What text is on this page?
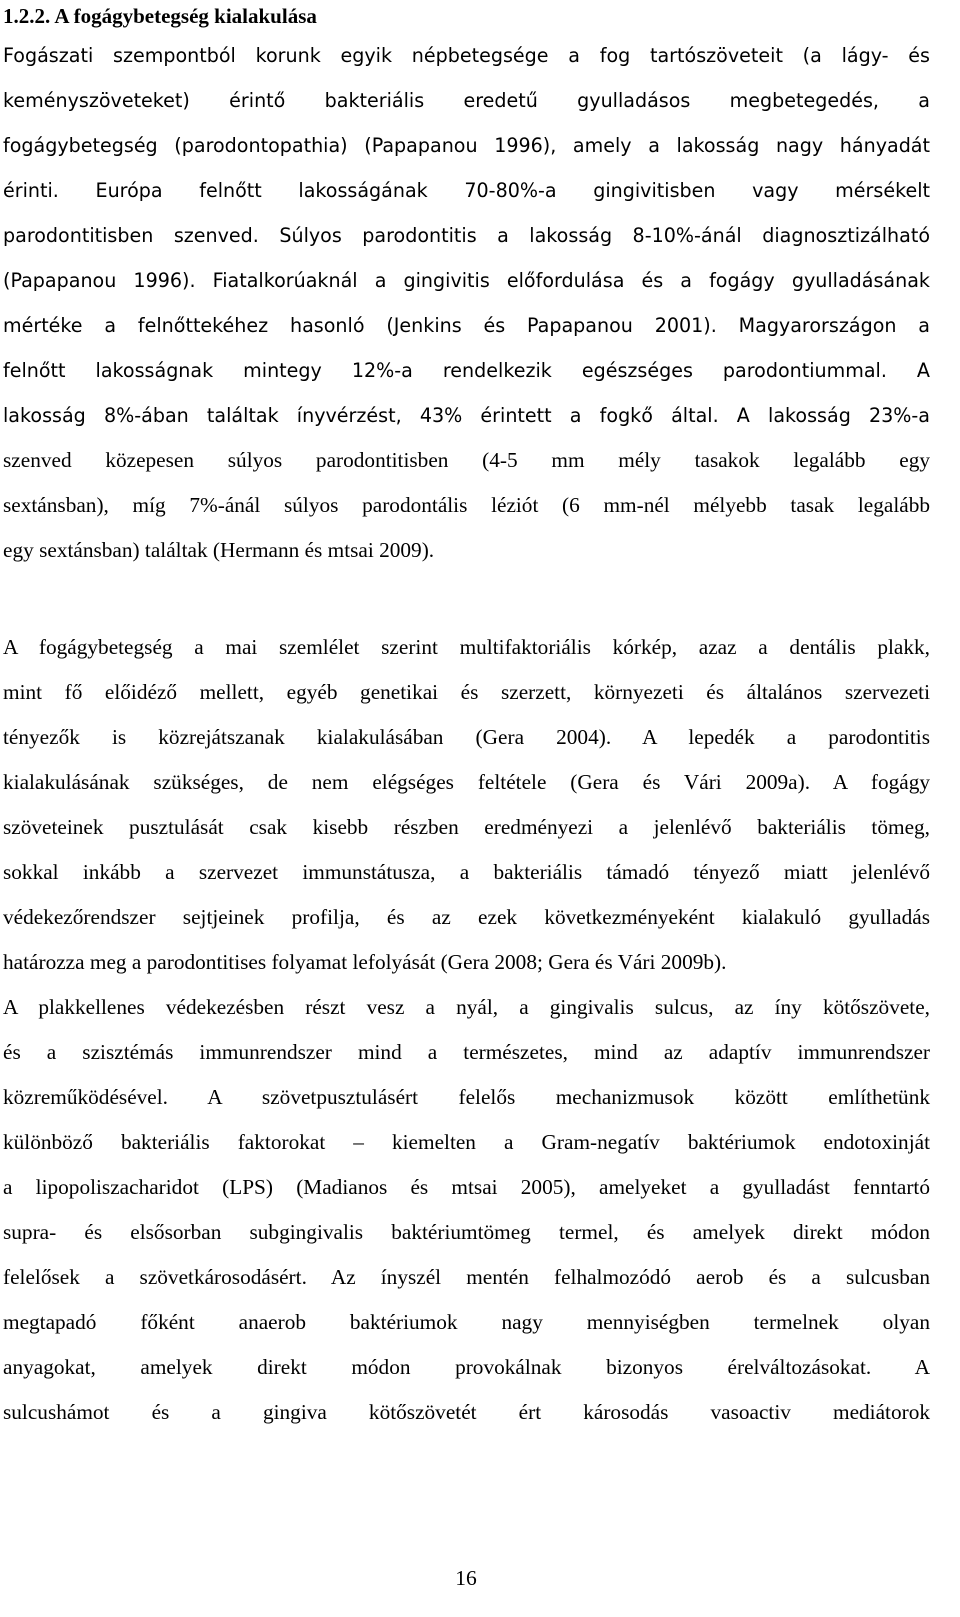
1.2.2. A fogágybetegség kialakulása
Fogászati szempontból korunk egyik népbetegsége a fog tartószöveteit (a lágy- és
keményszöveteket) érintő bakteriális eredetű gyulladásos megbetegedés, a
fogágybetegség (parodontopathia) (Papapanou 1996), amely a lakosság nagy hányadát
érinti. Európa felnőtt lakosságának 70-80%-a gingivitisben vagy mérsékelt
parodontitisben szenved. Súlyos parodontitis a lakosság 8-10%-ánál diagnosztizálható
(Papapanou 1996). Fiatalkorúaknál a gingivitis előfordulása és a fogágy gyulladásának
mértéke a felnőttekéhez hasonló (Jenkins és Papapanou 2001). Magyarországon a
felnőtt lakosságnak mintegy 12%-a rendelkezik egészséges parodontiummal. A
lakosság 8%-ában találtak ínyvérzést, 43% érintett a fogkő által. A lakosság 23%-a
szenved közepesen súlyos parodontitisben (4-5 mm mély tasakok legalább egy
sextánsban), míg 7%-ánál súlyos parodontális léziót (6 mm-nél mélyebb tasak legalább
egy sextánsban) találtak (Hermann és mtsai 2009).
A fogágybetegség a mai szemlélet szerint multifaktoriális kórkép, azaz a dentális plakk,
mint fő előidéző mellett, egyéb genetikai és szerzett, környezeti és általános szervezeti
tényezők is közrejátszanak kialakulásában (Gera 2004). A lepedék a parodontitis
kialakulásának szükséges, de nem elégséges feltétele (Gera és Vári 2009a). A fogágy
szöveteinek pusztulását csak kisebb részben eredményezi a jelenlévő bakteriális tömeg,
sokkal inkább a szervezet immunstátusza, a bakteriális támadó tényező miatt jelenlévő
védekezőrendszer sejtjeinek profilja, és az ezek következményeként kialakuló gyulladás
határozza meg a parodontitises folyamat lefolyását (Gera 2008; Gera és Vári 2009b).
A plakkellenes védekezésben részt vesz a nyál, a gingivalis sulcus, az íny kötőszövete,
és a szisztémás immunrendszer mind a természetes, mind az adaptív immunrendszer
közreműködésével. A szövetpusztulásért felelős mechanizmusok között említhetünk
különböző bakteriális faktorokat – kiemelten a Gram-negatív baktériumok endotoxinját
a lipopoliszacharidot (LPS) (Madianos és mtsai 2005), amelyeket a gyulladást fenntartó
supra- és elsősorban subgingivalis baktériumtömeg termel, és amelyek direkt módon
felelősek a szövetkárosodásért. Az ínyszél mentén felhalmozódó aerob és a sulcusban
megtapadó főként anaerob baktériumok nagy mennyiségben termelnek olyan
anyagokat, amelyek direkt módon provokálnak bizonyos érelváltozásokat. A
sulcushámot és a gingiva kötőszövetét ért károsodás vasoactiv mediátorok
16
